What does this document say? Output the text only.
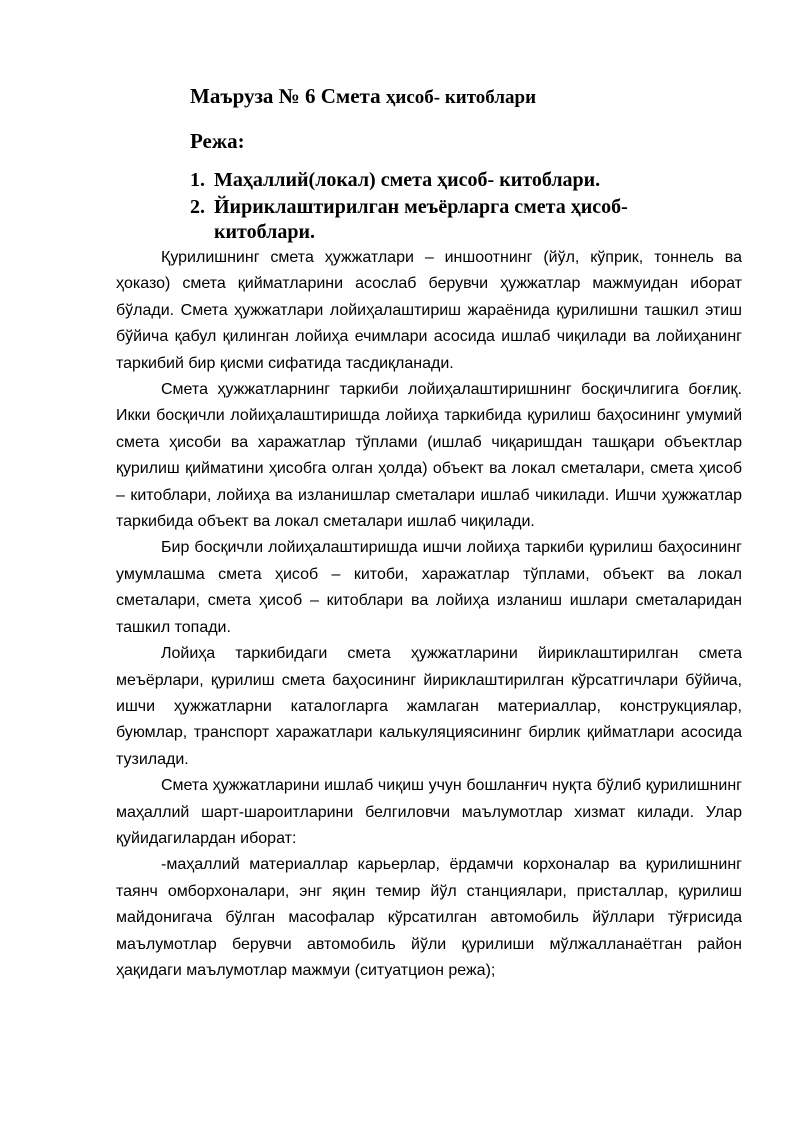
Маъруза № 6 Смета ҳисоб- китоблари
Режа:
1. Маҳаллий(локал) смета ҳисоб- китоблари.
2. Йириклаштирилган меъёрларга смета ҳисоб- китоблари.

Қурилишнинг смета ҳужжатлари – иншоотнинг (йўл, кўприк, тоннель ва ҳоказо) смета қийматларини асослаб берувчи ҳужжатлар мажмуидан иборат бўлади. Смета ҳужжатлари лойиҳалаштириш жараёнида қурилишни ташкил этиш бўйича қабул қилинган лойиҳа ечимлари асосида ишлаб чиқилади ва лойиҳанинг таркибий бир қисми сифатида тасдиқланади.

Смета ҳужжатларнинг таркиби лойиҳалаштиришнинг босқичлигига боғлиқ. Икки босқичли лойиҳалаштиришда лойиҳа таркибида қурилиш баҳосининг умумий смета ҳисоби ва харажатлар тўплами (ишлаб чиқаришдан ташқари объектлар қурилиш қийматини ҳисобга олган ҳолда) объект ва локал сметалари, смета ҳисоб – китоблари, лойиҳа ва изланишлар сметалари ишлаб чикилади. Ишчи ҳужжатлар таркибида объект ва локал сметалари ишлаб чиқилади.

Бир босқичли лойиҳалаштиришда ишчи лойиҳа таркиби қурилиш баҳосининг умумлашма смета ҳисоб – китоби, харажатлар тўплами, объект ва локал сметалари, смета ҳисоб – китоблари ва лойиҳа изланиш ишлари сметаларидан ташкил топади.

Лойиҳа таркибидаги смета ҳужжатларини йириклаштирилган смета меъёрлари, қурилиш смета баҳосининг йириклаштирилган кўрсатгичлари бўйича, ишчи ҳужжатларни каталогларга жамлаган материаллар, конструкциялар, буюмлар, транспорт харажатлари калькуляциясининг бирлик қийматлари асосида тузилади.

Смета ҳужжатларини ишлаб чиқиш учун бошланғич нуқта бўлиб қурилишнинг маҳаллий шарт-шароитларини белгиловчи маълумотлар хизмат килади. Улар қуйидагилардан иборат:

-маҳаллий материаллар карьерлар, ёрдамчи корхоналар ва қурилишнинг таянч омборхоналари, энг яқин темир йўл станциялари, присталлар, қурилиш майдонигача бўлган масофалар кўрсатилган автомобиль йўллари тўғрисида маълумотлар берувчи автомобиль йўли қурилиши мўлжалланаётган район ҳақидаги маълумотлар мажмуи (ситуатцион режа);
